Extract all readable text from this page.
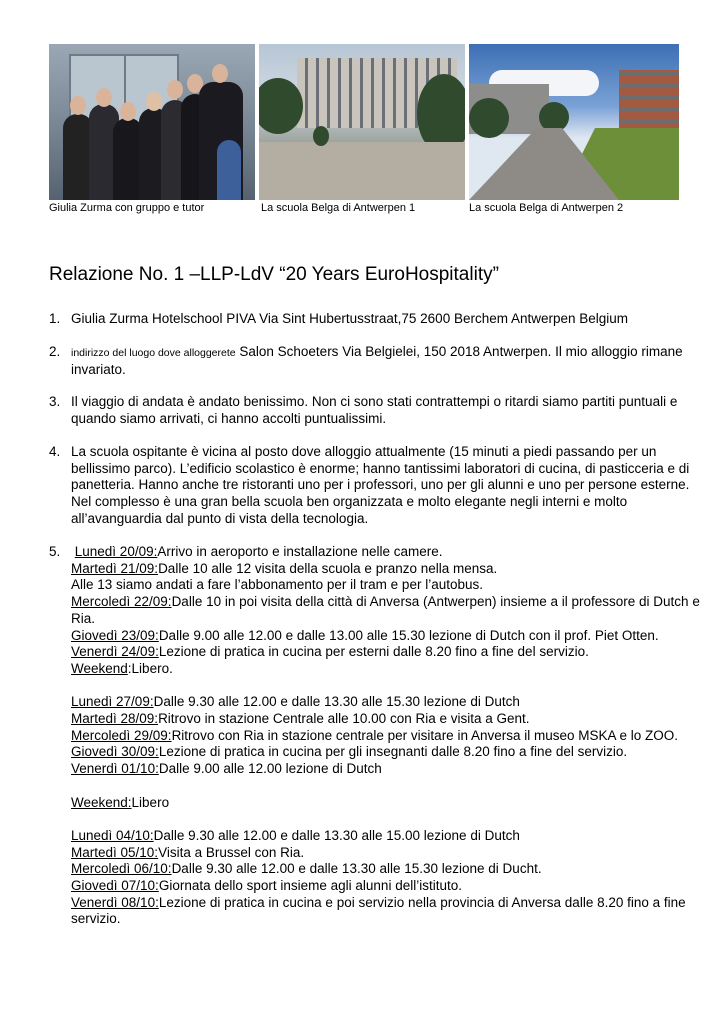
Giulia Zurma con gruppo e tutor	La scuola Belga di Antwerpen 1	La scuola Belga di Antwerpen 2
Relazione No. 1 –LLP-LdV “20 Years EuroHospitality”
1. Giulia Zurma Hotelschool PIVA Via Sint Hubertusstraat,75 2600 Berchem Antwerpen Belgium
2. indirizzo del luogo dove alloggerete Salon Schoeters Via Belgielei, 150 2018 Antwerpen. Il mio alloggio rimane invariato.
3. Il viaggio di andata è andato benissimo. Non ci sono stati contrattempi o ritardi siamo partiti puntuali e quando siamo arrivati, ci hanno accolti puntualissimi.
4. La scuola ospitante è vicina al posto dove alloggio attualmente (15 minuti a piedi passando per un bellissimo parco). L’edificio scolastico è enorme; hanno tantissimi laboratori di cucina, di pasticceria e di panetteria. Hanno anche tre ristoranti uno per i professori, uno per gli alunni e uno per persone esterne. Nel complesso è una gran bella scuola ben organizzata e molto elegante negli interni e molto all’avanguardia dal punto di vista della tecnologia.
5. Lunedì 20/09:Arrivo in aeroporto e installazione nelle camere.
Martedì 21/09:Dalle 10 alle 12 visita della scuola e pranzo nella mensa.
Alle 13 siamo andati a fare l’abbonamento per il tram e per l’autobus.
Mercoledì 22/09:Dalle 10 in poi visita della città di Anversa (Antwerpen) insieme a il professore di Dutch e Ria.
Giovedì 23/09:Dalle 9.00 alle 12.00 e dalle 13.00 alle 15.30 lezione di Dutch con il prof. Piet Otten.
Venerdì 24/09:Lezione di pratica in cucina per esterni dalle 8.20 fino a fine del servizio.
Weekend:Libero.
Lunedì 27/09:Dalle 9.30 alle 12.00 e dalle 13.30 alle 15.30 lezione di Dutch
Martedì 28/09:Ritrovo in stazione Centrale alle 10.00 con Ria e visita a Gent.
Mercoledì 29/09:Ritrovo con Ria in stazione centrale per visitare in Anversa il museo MSKA e lo ZOO.
Giovedì 30/09:Lezione di pratica in cucina per gli insegnanti dalle 8.20 fino a fine del servizio.
Venerdì 01/10:Dalle 9.00 alle 12.00 lezione di Dutch
Weekend:Libero
Lunedì 04/10:Dalle 9.30 alle 12.00 e dalle 13.30 alle 15.00 lezione di Dutch
Martedì 05/10:Visita a Brussel con Ria.
Mercoledì 06/10:Dalle 9.30 alle 12.00 e dalle 13.30 alle 15.30 lezione di Ducht.
Giovedì 07/10:Giornata dello sport insieme agli alunni dell’istituto.
Venerdì 08/10:Lezione di pratica in cucina e poi servizio nella provincia di Anversa dalle 8.20 fino a fine servizio.
